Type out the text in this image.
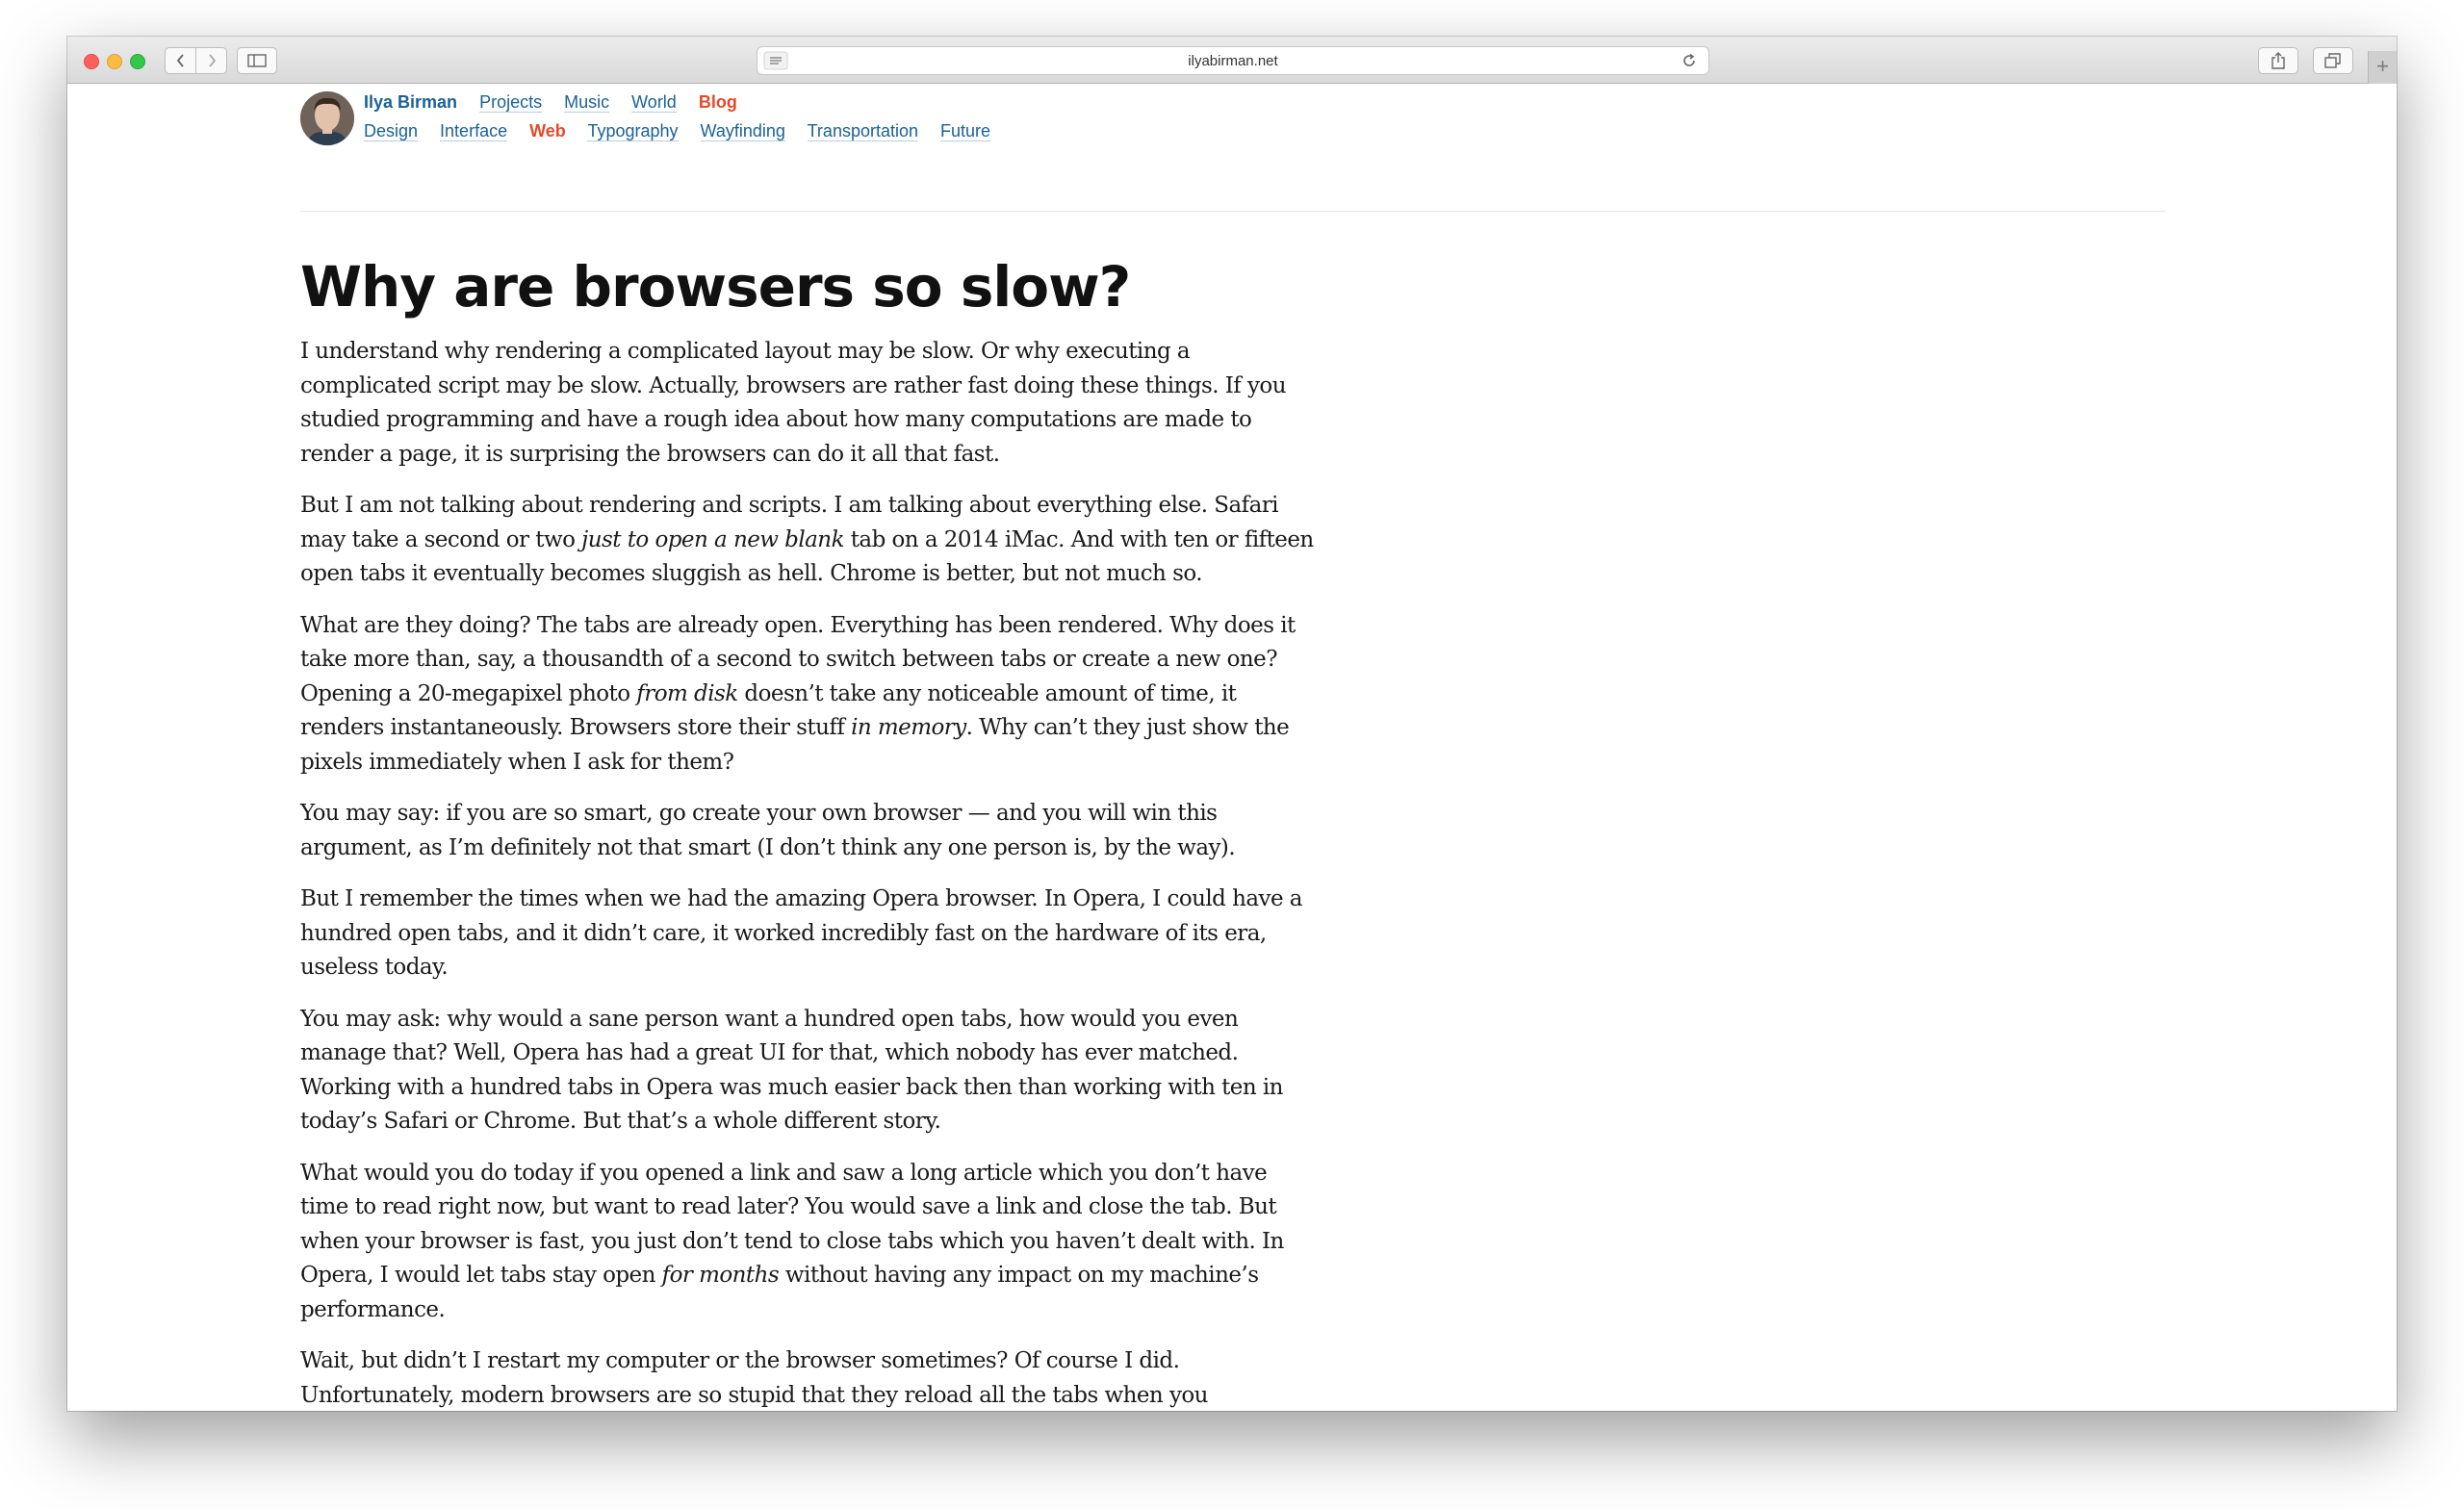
ilyabirman.net	+
Ilya Birman Projects Music World Blog
Design Interface Web Typography Wayfinding Transportation Future
Why are browsers so slow?

I understand why rendering a complicated layout may be slow. Or why executing a complicated script may be slow. Actually, browsers are rather fast doing these things. If you studied programming and have a rough idea about how many computations are made to render a page, it is surprising the browsers can do it all that fast.

But I am not talking about rendering and scripts. I am talking about everything else. Safari may take a second or two just to open a new blank tab on a 2014 iMac. And with ten or fifteen open tabs it eventually becomes sluggish as hell. Chrome is better, but not much so.

What are they doing? The tabs are already open. Everything has been rendered. Why does it take more than, say, a thousandth of a second to switch between tabs or create a new one? Opening a 20-megapixel photo from disk doesn’t take any noticeable amount of time, it renders instantaneously. Browsers store their stuff in memory. Why can’t they just show the pixels immediately when I ask for them?

You may say: if you are so smart, go create your own browser — and you will win this argument, as I’m definitely not that smart (I don’t think any one person is, by the way).

But I remember the times when we had the amazing Opera browser. In Opera, I could have a hundred open tabs, and it didn’t care, it worked incredibly fast on the hardware of its era, useless today.

You may ask: why would a sane person want a hundred open tabs, how would you even manage that? Well, Opera has had a great UI for that, which nobody has ever matched. Working with a hundred tabs in Opera was much easier back then than working with ten in today’s Safari or Chrome. But that’s a whole different story.

What would you do today if you opened a link and saw a long article which you don’t have time to read right now, but want to read later? You would save a link and close the tab. But when your browser is fast, you just don’t tend to close tabs which you haven’t dealt with. In Opera, I would let tabs stay open for months without having any impact on my machine’s performance.

Wait, but didn’t I restart my computer or the browser sometimes? Of course I did. Unfortunately, modern browsers are so stupid that they reload all the tabs when you
